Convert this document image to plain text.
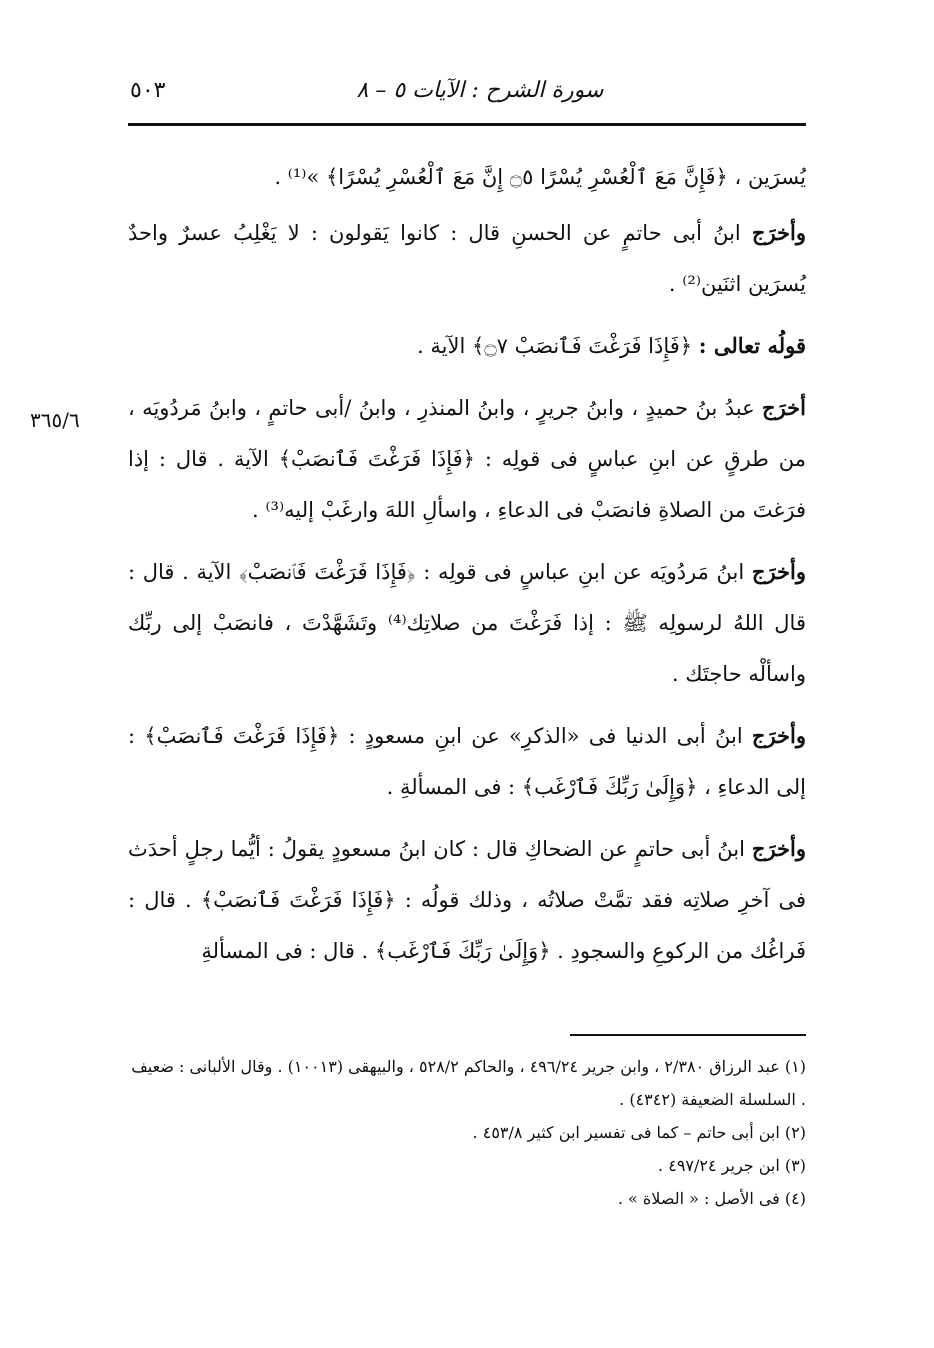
٥٠٣	سورة الشرح : الآيات ٥ – ٨
٣٦٥/٦

يُسرَين ، ﴿فَإِنَّ مَعَ ٱلْعُسْرِ يُسْرًا ۝٥ إِنَّ مَعَ ٱلْعُسْرِ يُسْرًا﴾ »⁽¹⁾ .

وأخرَج ابنُ أبى حاتمٍ عن الحسنِ قال : كانوا يَقولون : لا يَغْلِبُ عسرٌ واحدٌ يُسرَين اثنَين⁽²⁾ .

قولُه تعالى : ﴿فَإِذَا فَرَغْتَ فَٱنصَبْ ۝٧﴾ الآية .

أخرَج عبدُ بنُ حميدٍ ، وابنُ جريرٍ ، وابنُ المنذرِ ، وابنُ /أبى حاتمٍ ، وابنُ مَردُويَه ، من طرقٍ عن ابنِ عباسٍ فى قولِه : ﴿فَإِذَا فَرَغْتَ فَٱنصَبْ﴾ الآية . قال : إذا فرَغتَ من الصلاةِ فانصَبْ فى الدعاءِ ، واسألِ اللهَ وارغَبْ إليه⁽³⁾ .

وأخرَج ابنُ مَردُويَه عن ابنِ عباسٍ فى قولِه : ﴿فَإِذَا فَرَغْتَ فَٱنصَبْ﴾ الآية . قال : قال اللهُ لرسولِه ﷺ : إذا فَرَغْتَ من صلاتِك⁽⁴⁾ وتَشَهَّدْتَ ، فانصَبْ إلى ربِّك واسألْه حاجتَك .

وأخرَج ابنُ أبى الدنيا فى «الذكرِ» عن ابنِ مسعودٍ : ﴿فَإِذَا فَرَغْتَ فَٱنصَبْ﴾ : إلى الدعاءِ ، ﴿وَإِلَىٰ رَبِّكَ فَٱرْغَب﴾ : فى المسألةِ .

وأخرَج ابنُ أبى حاتمٍ عن الضحاكِ قال : كان ابنُ مسعودٍ يقولُ : أيُّما رجلٍ أحدَث فى آخرِ صلاتِه فقد تمَّتْ صلاتُه ، وذلك قولُه : ﴿فَإِذَا فَرَغْتَ فَٱنصَبْ﴾ . قال : فَراغُك من الركوعِ والسجودِ . ﴿وَإِلَىٰ رَبِّكَ فَٱرْغَب﴾ . قال : فى المسألةِ

(١) عبد الرزاق ٢/٣٨٠ ، وابن جرير ٤٩٦/٢٤ ، والحاكم ٥٢٨/٢ ، والبيهقى (١٠٠١٣) . وقال الألبانى : ضعيف . السلسلة الضعيفة (٤٣٤٢) .
(٢) ابن أبى حاتم – كما فى تفسير ابن كثير ٤٥٣/٨ .
(٣) ابن جرير ٤٩٧/٢٤ .
(٤) فى الأصل : « الصلاة » .
